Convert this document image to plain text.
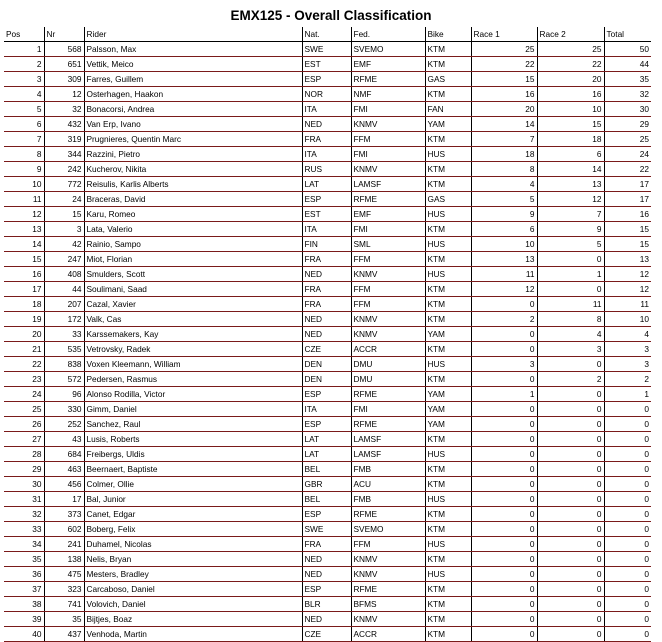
EMX125 - Overall Classification
Pos	Nr	Rider	Nat.	Fed.	Bike	Race 1	Race 2	Total
1	568	Palsson, Max	SWE	SVEMO	KTM	25	25	50
2	651	Vettik, Meico	EST	EMF	KTM	22	22	44
3	309	Farres, Guillem	ESP	RFME	GAS	15	20	35
4	12	Osterhagen, Haakon	NOR	NMF	KTM	16	16	32
5	32	Bonacorsi, Andrea	ITA	FMI	FAN	20	10	30
6	432	Van Erp, Ivano	NED	KNMV	YAM	14	15	29
7	319	Prugnieres, Quentin Marc	FRA	FFM	KTM	7	18	25
8	344	Razzini, Pietro	ITA	FMI	HUS	18	6	24
9	242	Kucherov, Nikita	RUS	KNMV	KTM	8	14	22
10	772	Reisulis, Karlis Alberts	LAT	LAMSF	KTM	4	13	17
11	24	Braceras, David	ESP	RFME	GAS	5	12	17
12	15	Karu, Romeo	EST	EMF	HUS	9	7	16
13	3	Lata, Valerio	ITA	FMI	KTM	6	9	15
14	42	Rainio, Sampo	FIN	SML	HUS	10	5	15
15	247	Miot, Florian	FRA	FFM	KTM	13	0	13
16	408	Smulders, Scott	NED	KNMV	HUS	11	1	12
17	44	Soulimani, Saad	FRA	FFM	KTM	12	0	12
18	207	Cazal, Xavier	FRA	FFM	KTM	0	11	11
19	172	Valk, Cas	NED	KNMV	KTM	2	8	10
20	33	Karssemakers, Kay	NED	KNMV	YAM	0	4	4
21	535	Vetrovsky, Radek	CZE	ACCR	KTM	0	3	3
22	838	Voxen Kleemann, William	DEN	DMU	HUS	3	0	3
23	572	Pedersen, Rasmus	DEN	DMU	KTM	0	2	2
24	96	Alonso Rodilla, Victor	ESP	RFME	YAM	1	0	1
25	330	Gimm, Daniel	ITA	FMI	YAM	0	0	0
26	252	Sanchez, Raul	ESP	RFME	YAM	0	0	0
27	43	Lusis, Roberts	LAT	LAMSF	KTM	0	0	0
28	684	Freibergs, Uldis	LAT	LAMSF	HUS	0	0	0
29	463	Beernaert, Baptiste	BEL	FMB	KTM	0	0	0
30	456	Colmer, Ollie	GBR	ACU	KTM	0	0	0
31	17	Bal, Junior	BEL	FMB	HUS	0	0	0
32	373	Canet, Edgar	ESP	RFME	KTM	0	0	0
33	602	Boberg, Felix	SWE	SVEMO	KTM	0	0	0
34	241	Duhamel, Nicolas	FRA	FFM	HUS	0	0	0
35	138	Nelis, Bryan	NED	KNMV	KTM	0	0	0
36	475	Mesters, Bradley	NED	KNMV	HUS	0	0	0
37	323	Carcaboso, Daniel	ESP	RFME	KTM	0	0	0
38	741	Volovich, Daniel	BLR	BFMS	KTM	0	0	0
39	35	Bijtjes, Boaz	NED	KNMV	KTM	0	0	0
40	437	Venhoda, Martin	CZE	ACCR	KTM	0	0	0
